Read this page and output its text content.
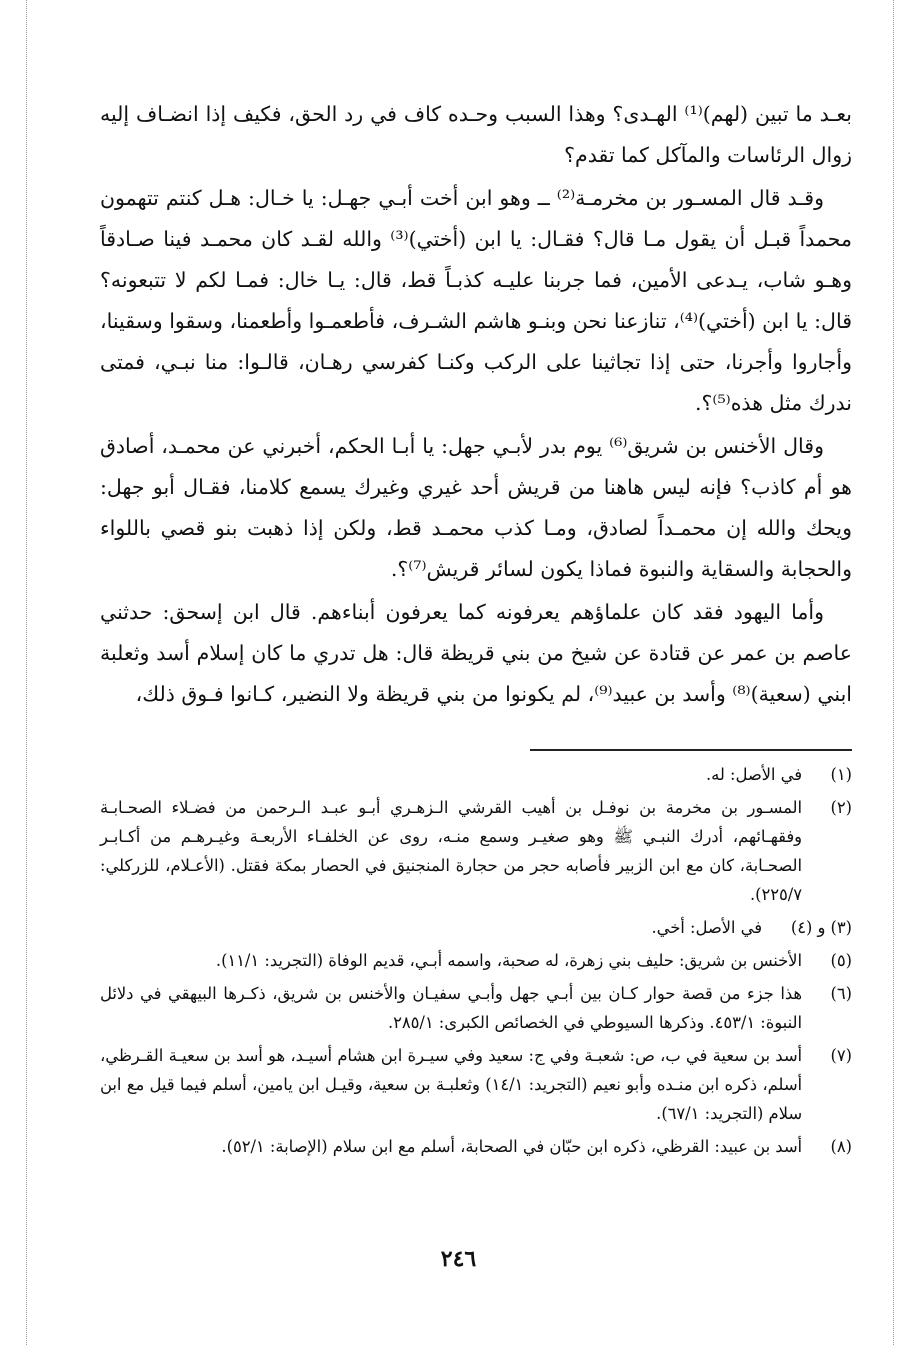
بعـد ما تبين (لهم)⁽¹⁾ الهـدى؟ وهذا السبب وحـده كاف في رد الحق، فكيف إذا انضـاف إليه زوال الرئاسات والمآكل كما تقدم؟

وقـد قال المسـور بن مخرمـة⁽²⁾ ــ وهو ابن أخت أبـي جهـل: يا خـال: هـل كنتم تتهمون محمداً قبـل أن يقول مـا قال؟ فقـال: يا ابن (أختي)⁽³⁾ والله لقـد كان محمـد فينا صـادقاً وهـو شاب، يـدعى الأمين، فما جربنا عليـه كذبـاً قط، قال: يـا خال: فمـا لكم لا تتبعونه؟ قال: يا ابن (أختي)⁽⁴⁾، تنازعنا نحن وبنـو هاشم الشـرف، فأطعمـوا وأطعمنا، وسقوا وسقينا، وأجاروا وأجرنا، حتى إذا تجاثينا على الركب وكنـا كفرسي رهـان، قالـوا: منا نبـي، فمتى ندرك مثل هذه⁽⁵⁾؟.

وقال الأخنس بن شريق⁽⁶⁾ يوم بدر لأبـي جهل: يا أبـا الحكم، أخبرني عن محمـد، أصادق هو أم كاذب؟ فإنه ليس هاهنا من قريش أحد غيري وغيرك يسمع كلامنا، فقـال أبو جهل: ويحك والله إن محمـداً لصادق، ومـا كذب محمـد قط، ولكن إذا ذهبت بنو قصي باللواء والحجابة والسقاية والنبوة فماذا يكون لسائر قريش⁽⁷⁾؟.

وأما اليهود فقد كان علماؤهم يعرفونه كما يعرفون أبناءهم. قال ابن إسحق: حدثني عاصم بن عمر عن قتادة عن شيخ من بني قريظة قال: هل تدري ما كان إسلام أسد وثعلبة ابني (سعية)⁽⁸⁾ وأسد بن عبيد⁽⁹⁾، لم يكونوا من بني قريظة ولا النضير، كـانوا فـوق ذلك،

(١)
في الأصل: له.
(٢)
المسـور بن مخرمة بن نوفـل بن أهيب القرشي الـزهـري أبـو عبـد الـرحمن من فضـلاء الصحـابـة وفقهـائهم، أدرك النبـي ﷺ وهو صغيـر وسمع منـه، روى عن الخلفـاء الأربعـة وغيـرهـم من أكـابـر الصحـابة، كان مع ابن الزبير فأصابه حجر من حجارة المنجنيق في الحصار بمكة فقتل. (الأعـلام، للزركلي: ٢٢٥/٧).
(٣) و (٤)
في الأصل: أخي.
(٥)
الأخنس بن شريق: حليف بني زهرة، له صحبة، واسمه أبـي، قديم الوفاة (التجريد: ١١/١).
(٦)
هذا جزء من قصة حوار كـان بين أبـي جهل وأبـي سفيـان والأخنس بن شريق، ذكـرها البيهقي في دلائل النبوة: ٤٥٣/١. وذكرها السيوطي في الخصائص الكبرى: ٢٨٥/١.
(٧)
أسد بن سعية في ب، ص: شعبـة وفي ج: سعيد وفي سيـرة ابن هشام أسيـد، هو أسد بن سعيـة القـرظي، أسلم، ذكره ابن منـده وأبو نعيم (التجريد: ١٤/١) وثعلبـة بن سعية، وقيـل ابن يامين، أسلم فيما قيل مع ابن سلام (التجريد: ٦٧/١).
(٨)
أسد بن عبيد: القرظي، ذكره ابن حبّان في الصحابة، أسلم مع ابن سلام (الإصابة: ٥٢/١).
٢٤٦
